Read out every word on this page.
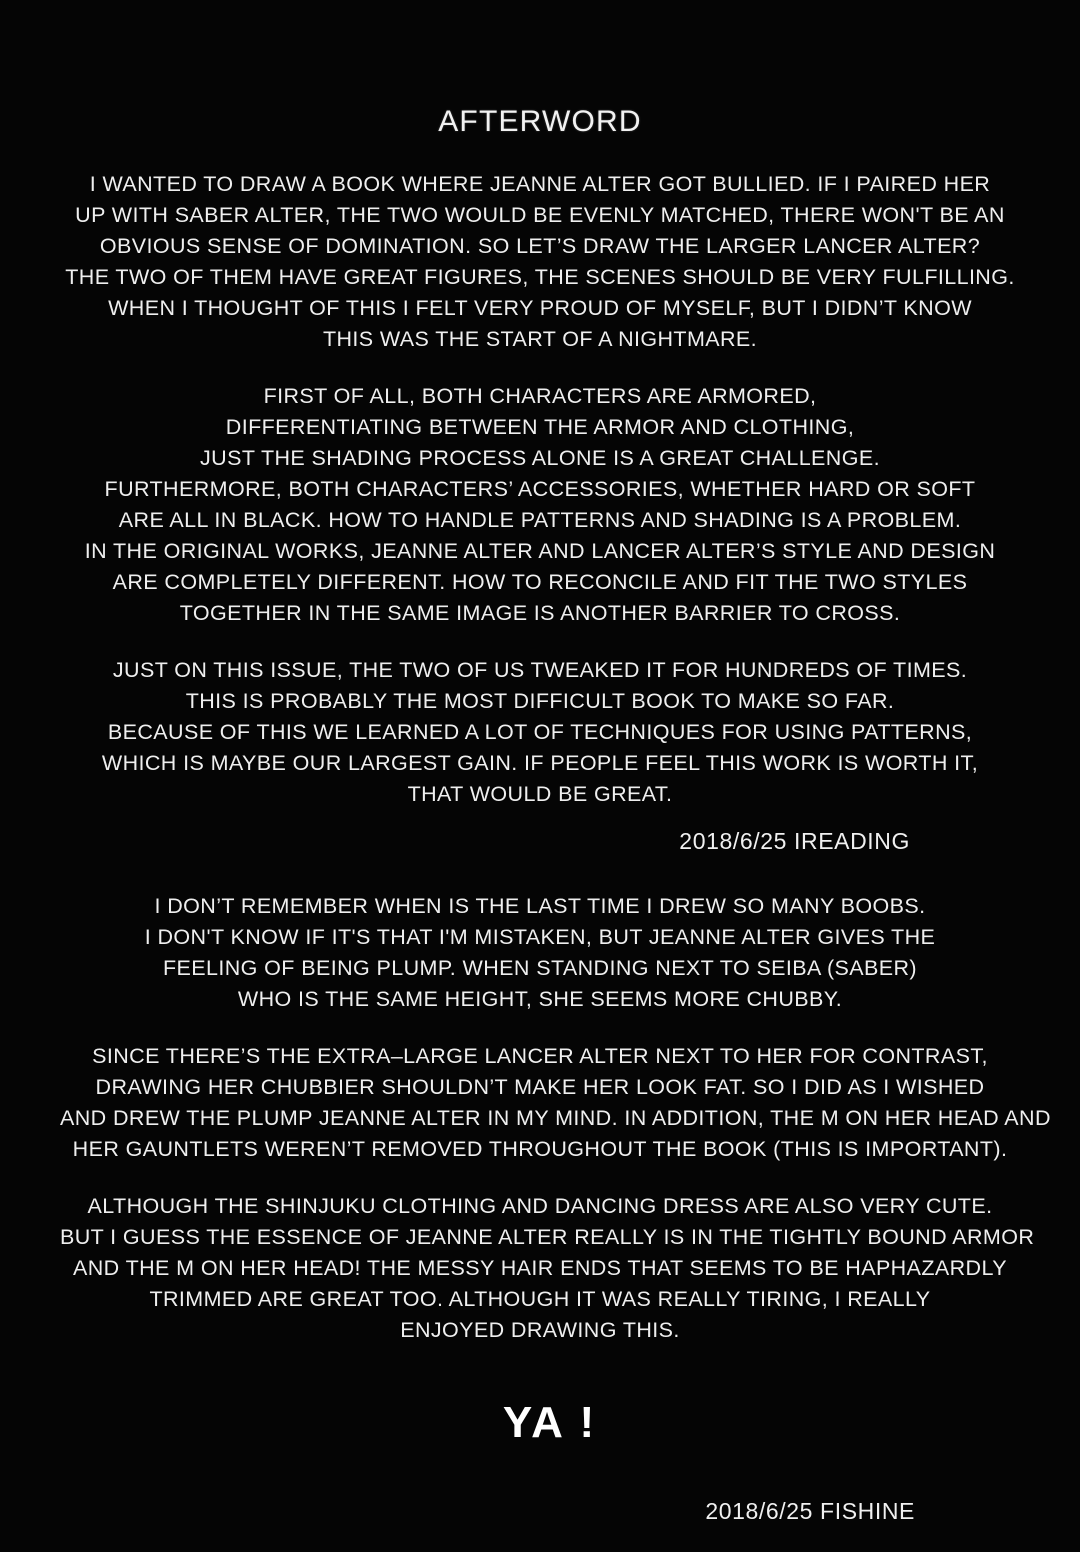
AFTERWORD

I WANTED TO DRAW A BOOK WHERE JEANNE ALTER GOT BULLIED. IF I PAIRED HER

UP WITH SABER ALTER, THE TWO WOULD BE EVENLY MATCHED, THERE WON'T BE AN

OBVIOUS SENSE OF DOMINATION. SO LET’S DRAW THE LARGER LANCER ALTER?

THE TWO OF THEM HAVE GREAT FIGURES, THE SCENES SHOULD BE VERY FULFILLING.

WHEN I THOUGHT OF THIS I FELT VERY PROUD OF MYSELF, BUT I DIDN’T KNOW

THIS WAS THE START OF A NIGHTMARE.

FIRST OF ALL, BOTH CHARACTERS ARE ARMORED,

DIFFERENTIATING BETWEEN THE ARMOR AND CLOTHING,

JUST THE SHADING PROCESS ALONE IS A GREAT CHALLENGE.

FURTHERMORE, BOTH CHARACTERS’ ACCESSORIES, WHETHER HARD OR SOFT

ARE ALL IN BLACK. HOW TO HANDLE PATTERNS AND SHADING IS A PROBLEM.

IN THE ORIGINAL WORKS, JEANNE ALTER AND LANCER ALTER’S STYLE AND DESIGN

ARE COMPLETELY DIFFERENT. HOW TO RECONCILE AND FIT THE TWO STYLES

TOGETHER IN THE SAME IMAGE IS ANOTHER BARRIER TO CROSS.

JUST ON THIS ISSUE, THE TWO OF US TWEAKED IT FOR HUNDREDS OF TIMES.

THIS IS PROBABLY THE MOST DIFFICULT BOOK TO MAKE SO FAR.

BECAUSE OF THIS WE LEARNED A LOT OF TECHNIQUES FOR USING PATTERNS,

WHICH IS MAYBE OUR LARGEST GAIN. IF PEOPLE FEEL THIS WORK IS WORTH IT,

THAT WOULD BE GREAT.

2018/6/25 IREADING

I DON’T REMEMBER WHEN IS THE LAST TIME I DREW SO MANY BOOBS.

I DON'T KNOW IF IT'S THAT I'M MISTAKEN, BUT JEANNE ALTER GIVES THE

FEELING OF BEING PLUMP. WHEN STANDING NEXT TO SEIBA (SABER)

WHO IS THE SAME HEIGHT, SHE SEEMS MORE CHUBBY.

SINCE THERE’S THE EXTRA–LARGE LANCER ALTER NEXT TO HER FOR CONTRAST,

DRAWING HER CHUBBIER SHOULDN’T MAKE HER LOOK FAT. SO I DID AS I WISHED

AND DREW THE PLUMP JEANNE ALTER IN MY MIND. IN ADDITION, THE M ON HER HEAD AND

HER GAUNTLETS WEREN’T REMOVED THROUGHOUT THE BOOK (THIS IS IMPORTANT).

ALTHOUGH THE SHINJUKU CLOTHING AND DANCING DRESS ARE ALSO VERY CUTE.

BUT I GUESS THE ESSENCE OF JEANNE ALTER REALLY IS IN THE TIGHTLY BOUND ARMOR

AND THE M ON HER HEAD! THE MESSY HAIR ENDS THAT SEEMS TO BE HAPHAZARDLY

TRIMMED ARE GREAT TOO. ALTHOUGH IT WAS REALLY TIRING, I REALLY

ENJOYED DRAWING THIS.

YA !
2018/6/25 FISHINE
